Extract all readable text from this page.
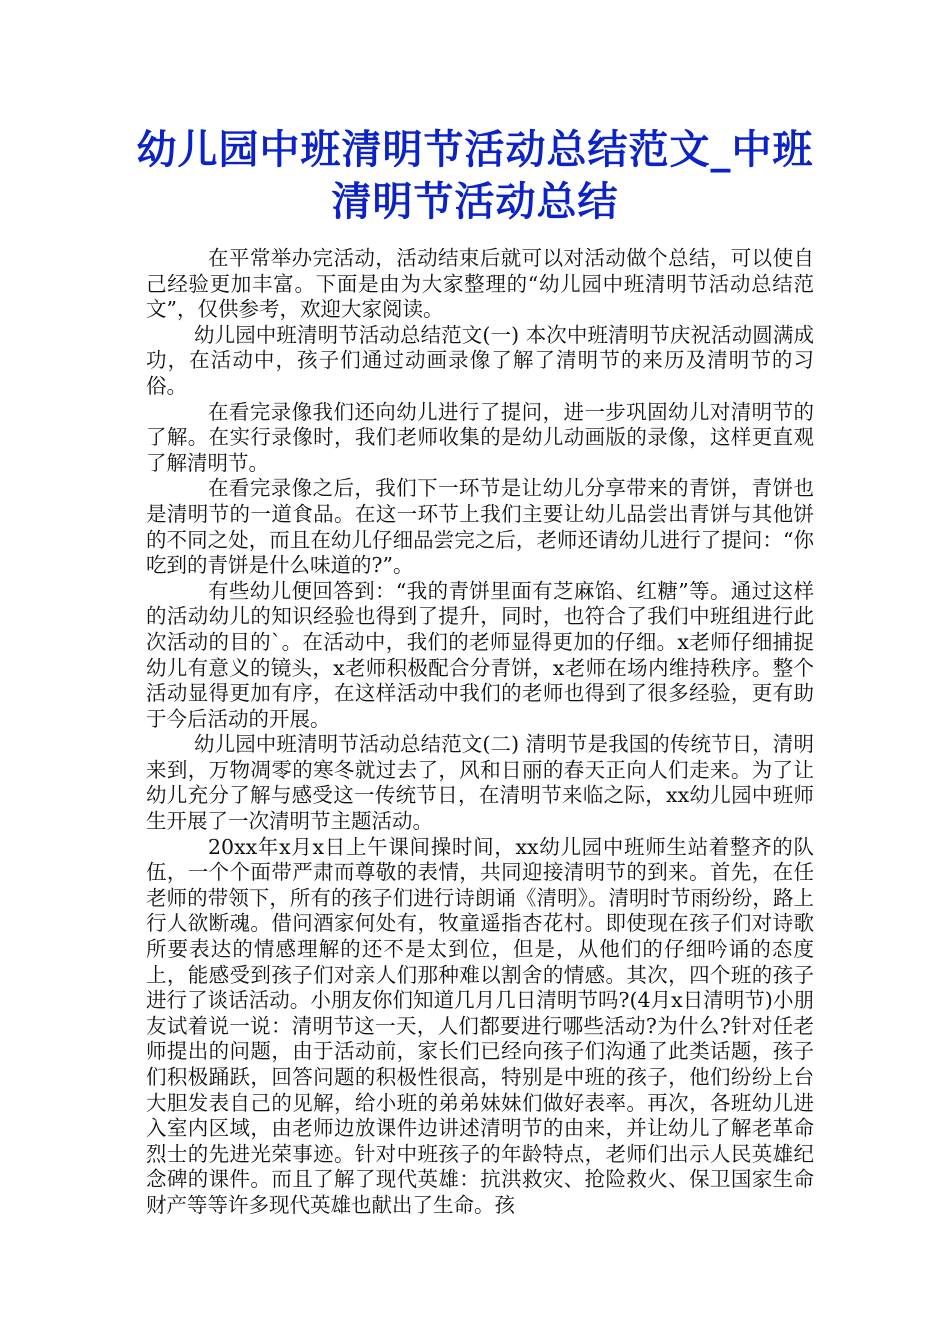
幼儿园中班清明节活动总结范文_中班清明节活动总结

在平常举办完活动，活动结束后就可以对活动做个总结，可以使自己经验更加丰富。下面是由为大家整理的“幼儿园中班清明节活动总结范文”，仅供参考，欢迎大家阅读。

幼儿园中班清明节活动总结范文(一) 本次中班清明节庆祝活动圆满成功，在活动中，孩子们通过动画录像了解了清明节的来历及清明节的习俗。

在看完录像我们还向幼儿进行了提问，进一步巩固幼儿对清明节的了解。在实行录像时，我们老师收集的是幼儿动画版的录像，这样更直观了解清明节。

在看完录像之后，我们下一环节是让幼儿分享带来的青饼，青饼也是清明节的一道食品。在这一环节上我们主要让幼儿品尝出青饼与其他饼的不同之处，而且在幼儿仔细品尝完之后，老师还请幼儿进行了提问：“你吃到的青饼是什么味道的?”。

有些幼儿便回答到：“我的青饼里面有芝麻馅、红糖”等。通过这样的活动幼儿的知识经验也得到了提升，同时，也符合了我们中班组进行此次活动的目的`。在活动中，我们的老师显得更加的仔细。x老师仔细捕捉幼儿有意义的镜头，x老师积极配合分青饼，x老师在场内维持秩序。整个活动显得更加有序，在这样活动中我们的老师也得到了很多经验，更有助于今后活动的开展。

幼儿园中班清明节活动总结范文(二) 清明节是我国的传统节日，清明来到，万物凋零的寒冬就过去了，风和日丽的春天正向人们走来。为了让幼儿充分了解与感受这一传统节日，在清明节来临之际，xx幼儿园中班师生开展了一次清明节主题活动。

20xx年x月x日上午课间操时间，xx幼儿园中班师生站着整齐的队伍，一个个面带严肃而尊敬的表情，共同迎接清明节的到来。首先，在任老师的带领下，所有的孩子们进行诗朗诵《清明》。清明时节雨纷纷，路上行人欲断魂。借问酒家何处有，牧童遥指杏花村。即使现在孩子们对诗歌所要表达的情感理解的还不是太到位，但是，从他们的仔细吟诵的态度上，能感受到孩子们对亲人们那种难以割舍的情感。其次，四个班的孩子进行了谈话活动。小朋友你们知道几月几日清明节吗?(4月x日清明节)小朋友试着说一说：清明节这一天，人们都要进行哪些活动?为什么?针对任老师提出的问题，由于活动前，家长们已经向孩子们沟通了此类话题，孩子们积极踊跃，回答问题的积极性很高，特别是中班的孩子，他们纷纷上台大胆发表自己的见解，给小班的弟弟妹妹们做好表率。再次，各班幼儿进入室内区域，由老师边放课件边讲述清明节的由来，并让幼儿了解老革命烈士的先进光荣事迹。针对中班孩子的年龄特点，老师们出示人民英雄纪念碑的课件。而且了解了现代英雄：抗洪救灾、抢险救火、保卫国家生命财产等等许多现代英雄也献出了生命。孩
